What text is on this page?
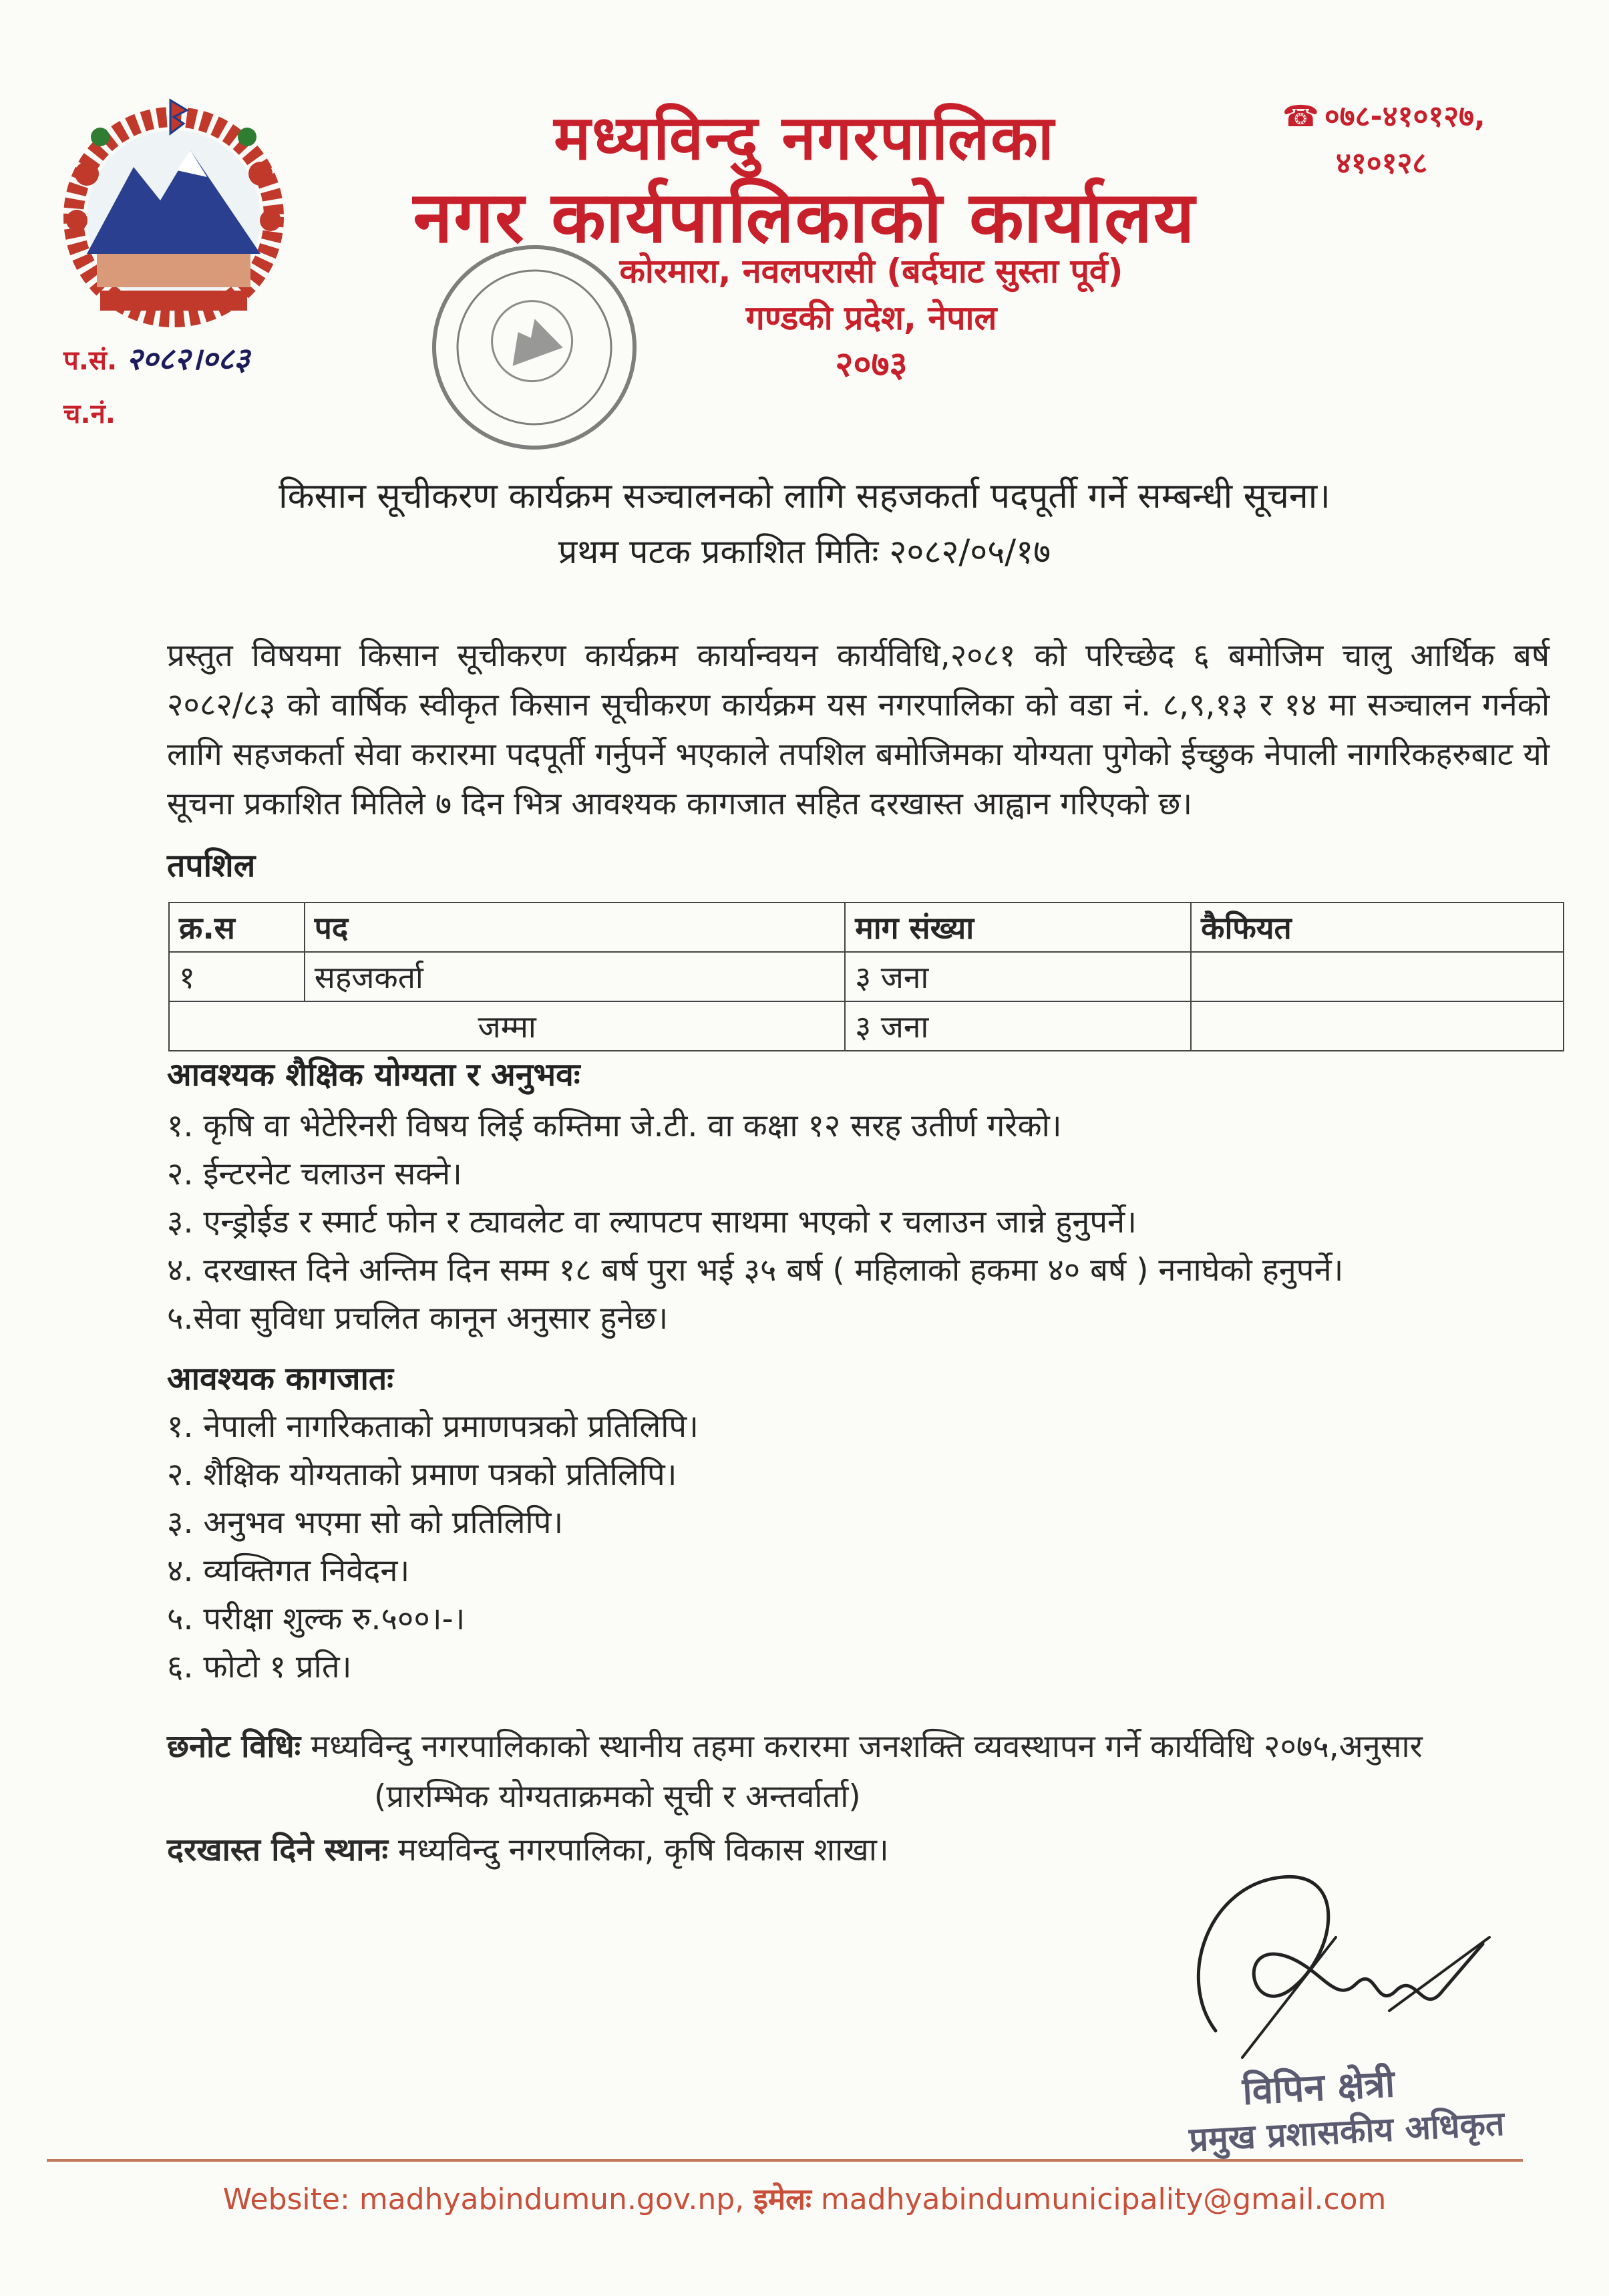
मध्यविन्दु नगरपालिका
नगर कार्यपालिकाको कार्यालय
कोरमारा, नवलपरासी (बर्दघाट सुस्ता पूर्व)
गण्डकी प्रदेश, नेपाल
२०७३
☎ ०७८-४१०१२७,
४१०१२८
प.सं. २०८२।०८३
च.नं.
किसान सूचीकरण कार्यक्रम सञ्चालनको लागि सहजकर्ता पदपूर्ती गर्ने सम्बन्धी सूचना।
प्रथम पटक प्रकाशित मितिः २०८२/०५/१७
प्रस्तुत विषयमा किसान सूचीकरण कार्यक्रम कार्यान्वयन कार्यविधि,२०८१ को परिच्छेद ६ बमोजिम चालु आर्थिक बर्ष २०८२/८३ को वार्षिक स्वीकृत किसान सूचीकरण कार्यक्रम यस नगरपालिका को वडा नं. ८,९,१३ र १४ मा सञ्चालन गर्नको लागि सहजकर्ता सेवा करारमा पदपूर्ती गर्नुपर्ने भएकाले तपशिल बमोजिमका योग्यता पुगेको ईच्छुक नेपाली नागरिकहरुबाट यो सूचना प्रकाशित मितिले ७ दिन भित्र आवश्यक कागजात सहित दरखास्त आह्वान गरिएको छ।
तपशिल
क्र.स	पद	माग संख्या	कैफियत
१	सहजकर्ता	३ जना	
जम्मा		३ जना	
आवश्यक शैक्षिक योग्यता र अनुभवः
१. कृषि वा भेटेरिनरी विषय लिई कम्तिमा जे.टी. वा कक्षा १२ सरह उतीर्ण गरेको।
२. ईन्टरनेट चलाउन सक्ने।
३. एन्ड्रोईड र स्मार्ट फोन र ट्यावलेट वा ल्यापटप साथमा भएको र चलाउन जान्ने हुनुपर्ने।
४. दरखास्त दिने अन्तिम दिन सम्म १८ बर्ष पुरा भई ३५ बर्ष ( महिलाको हकमा ४० बर्ष ) ननाघेको हनुपर्ने।
५.सेवा सुविधा प्रचलित कानून अनुसार हुनेछ।
आवश्यक कागजातः
१. नेपाली नागरिकताको प्रमाणपत्रको प्रतिलिपि।
२. शैक्षिक योग्यताको प्रमाण पत्रको प्रतिलिपि।
३. अनुभव भएमा सो को प्रतिलिपि।
४. व्यक्तिगत निवेदन।
५. परीक्षा शुल्क रु.५००।-।
६. फोटो १ प्रति।
छनोट विधिः मध्यविन्दु नगरपालिकाको स्थानीय तहमा करारमा जनशक्ति व्यवस्थापन गर्ने कार्यविधि २०७५,अनुसार
(प्रारम्भिक योग्यताक्रमको सूची र अन्तर्वार्ता)
दरखास्त दिने स्थानः मध्यविन्दु नगरपालिका, कृषि विकास शाखा।
विपिन क्षेत्री
प्रमुख प्रशासकीय अधिकृत
Website: madhyabindumun.gov.np, इमेलः madhyabindumunicipality@gmail.com
